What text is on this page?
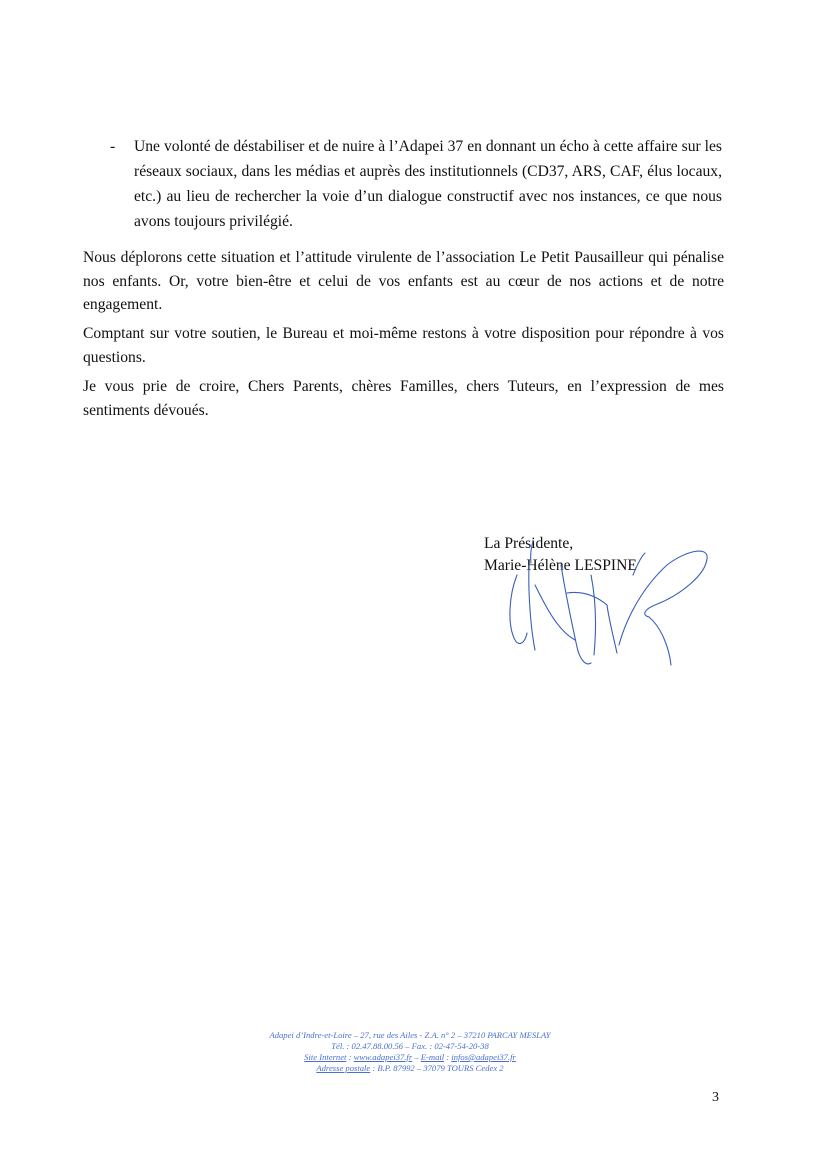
-	Une volonté de déstabiliser et de nuire à l’Adapei 37 en donnant un écho à cette affaire sur les réseaux sociaux, dans les médias et auprès des institutionnels (CD37, ARS, CAF, élus locaux, etc.) au lieu de rechercher la voie d’un dialogue constructif avec nos instances, ce que nous avons toujours privilégié.

Nous déplorons cette situation et l’attitude virulente de l’association Le Petit Pausailleur qui pénalise nos enfants. Or, votre bien-être et celui de vos enfants est au cœur de nos actions et de notre engagement.

Comptant sur votre soutien, le Bureau et moi-même restons à votre disposition pour répondre à vos questions.

Je vous prie de croire, Chers Parents, chères Familles, chers Tuteurs, en l’expression de mes sentiments dévoués.

La Présidente,
Marie-Hélène LESPINE
Adapei d’Indre-et-Loire – 27, rue des Ailes - Z.A. n° 2 – 37210 PARCAY MESLAY
Tél. : 02.47.88.00.56 – Fax. : 02-47-54-20-38
Site Internet : www.adapei37.fr – E-mail : infos@adapei37.fr
Adresse postale : B.P. 87992 – 37079 TOURS Cedex 2
3
